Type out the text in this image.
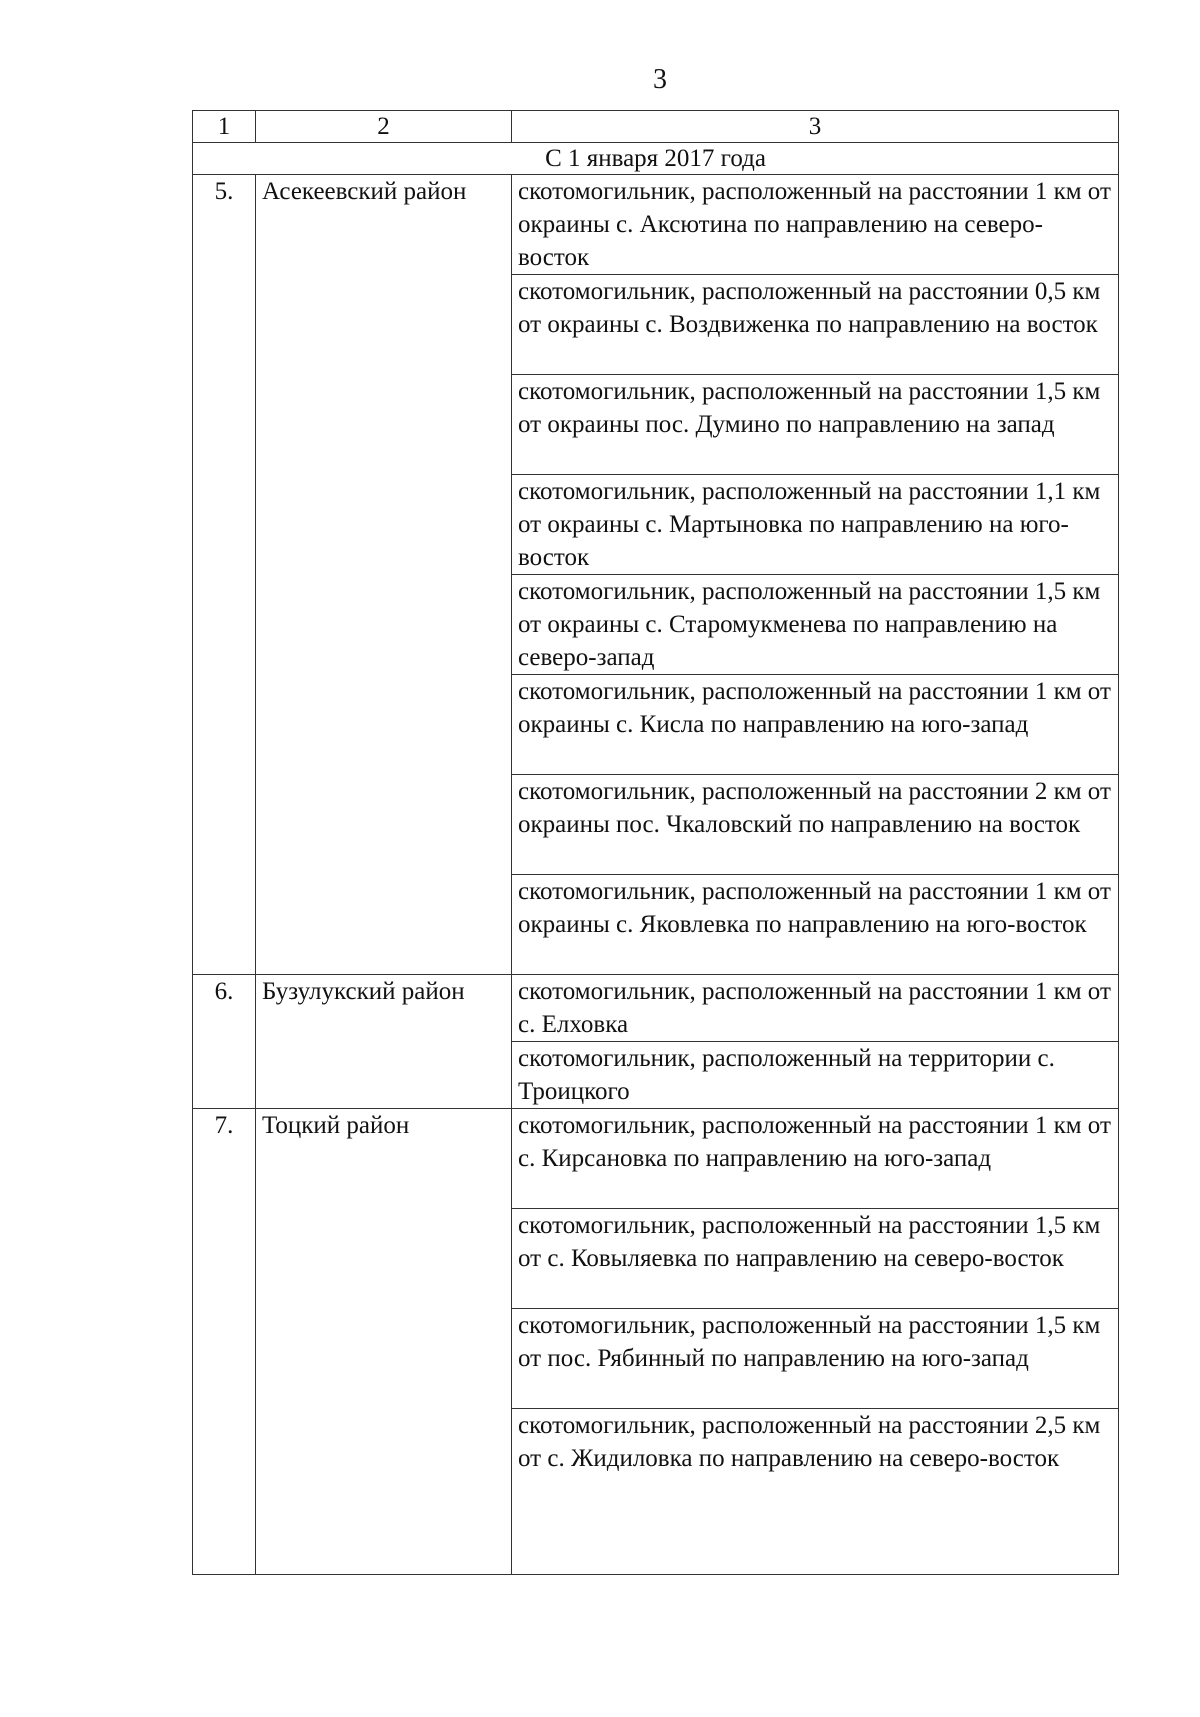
3
1	2	3
С 1 января 2017 года		
5.	Асекеевский район	скотомогильник, расположенный на расстоянии 1 км от окраины с. Аксютина по направлению на северо-восток
		скотомогильник, расположенный на расстоянии 0,5 км от окраины с. Воздвиженка по направлению на восток
		скотомогильник, расположенный на расстоянии 1,5 км от окраины пос. Думино по направлению на запад
		скотомогильник, расположенный на расстоянии 1,1 км от окраины с. Мартыновка по направлению на юго-восток
		скотомогильник, расположенный на расстоянии 1,5 км от окраины с. Старомукменева по направлению на северо-запад
		скотомогильник, расположенный на расстоянии 1 км от окраины с. Кисла по направлению на юго-запад
		скотомогильник, расположенный на расстоянии 2 км от окраины пос. Чкаловский по направлению на восток
		скотомогильник, расположенный на расстоянии 1 км от окраины с. Яковлевка по направлению на юго-восток
6.	Бузулукский район	скотомогильник, расположенный на расстоянии 1 км от с. Елховка
		скотомогильник, расположенный на территории с. Троицкого
7.	Тоцкий район	скотомогильник, расположенный на расстоянии 1 км от с. Кирсановка по направлению на юго-запад
		скотомогильник, расположенный на расстоянии 1,5 км от с. Ковыляевка по направлению на северо-восток
		скотомогильник, расположенный на расстоянии 1,5 км от пос. Рябинный по направлению на юго-запад
		скотомогильник, расположенный на расстоянии 2,5 км от с. Жидиловка по направлению на северо-восток
